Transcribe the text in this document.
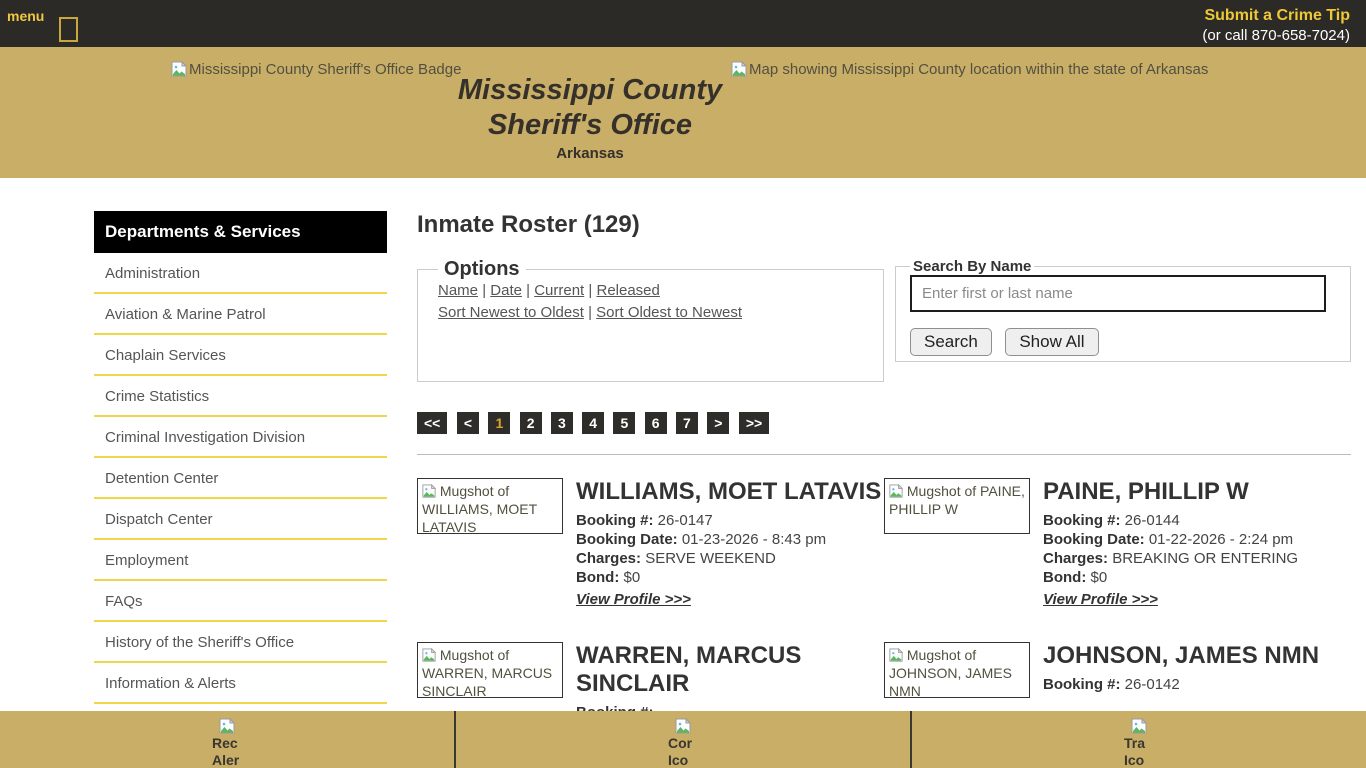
menu	Submit a Crime Tip
(or call 870-658-7024)
Mississippi County Sheriff's Office Badge
Mississippi County Sheriff's Office
Arkansas
Map showing Mississippi County location within the state of Arkansas
Departments & Services
Administration
Aviation & Marine Patrol
Chaplain Services
Crime Statistics
Criminal Investigation Division
Detention Center
Dispatch Center
Employment
FAQs
History of the Sheriff's Office
Information & Alerts
Inmate Roster (129)
Options
Name | Date | Current | Released
Sort Newest to Oldest | Sort Oldest to Newest
Search By Name
Enter first or last name
Search Show All
<< < 1 2 3 4 5 6 7 > >>
Mugshot of WILLIAMS, MOET LATAVIS
WILLIAMS, MOET LATAVIS
Booking #: 26-0147
Booking Date: 01-23-2026 - 8:43 pm
Charges: SERVE WEEKEND
Bond: $0
View Profile >>>
Mugshot of PAINE, PHILLIP W
PAINE, PHILLIP W
Booking #: 26-0144
Booking Date: 01-22-2026 - 2:24 pm
Charges: BREAKING OR ENTERING
Bond: $0
View Profile >>>
Mugshot of WARREN, MARCUS SINCLAIR
WARREN, MARCUS SINCLAIR
Mugshot of JOHNSON, JAMES NMN
JOHNSON, JAMES NMN
Booking #: 26-0142
Rec
Aler
Cor
Ico
Tra
Ico
